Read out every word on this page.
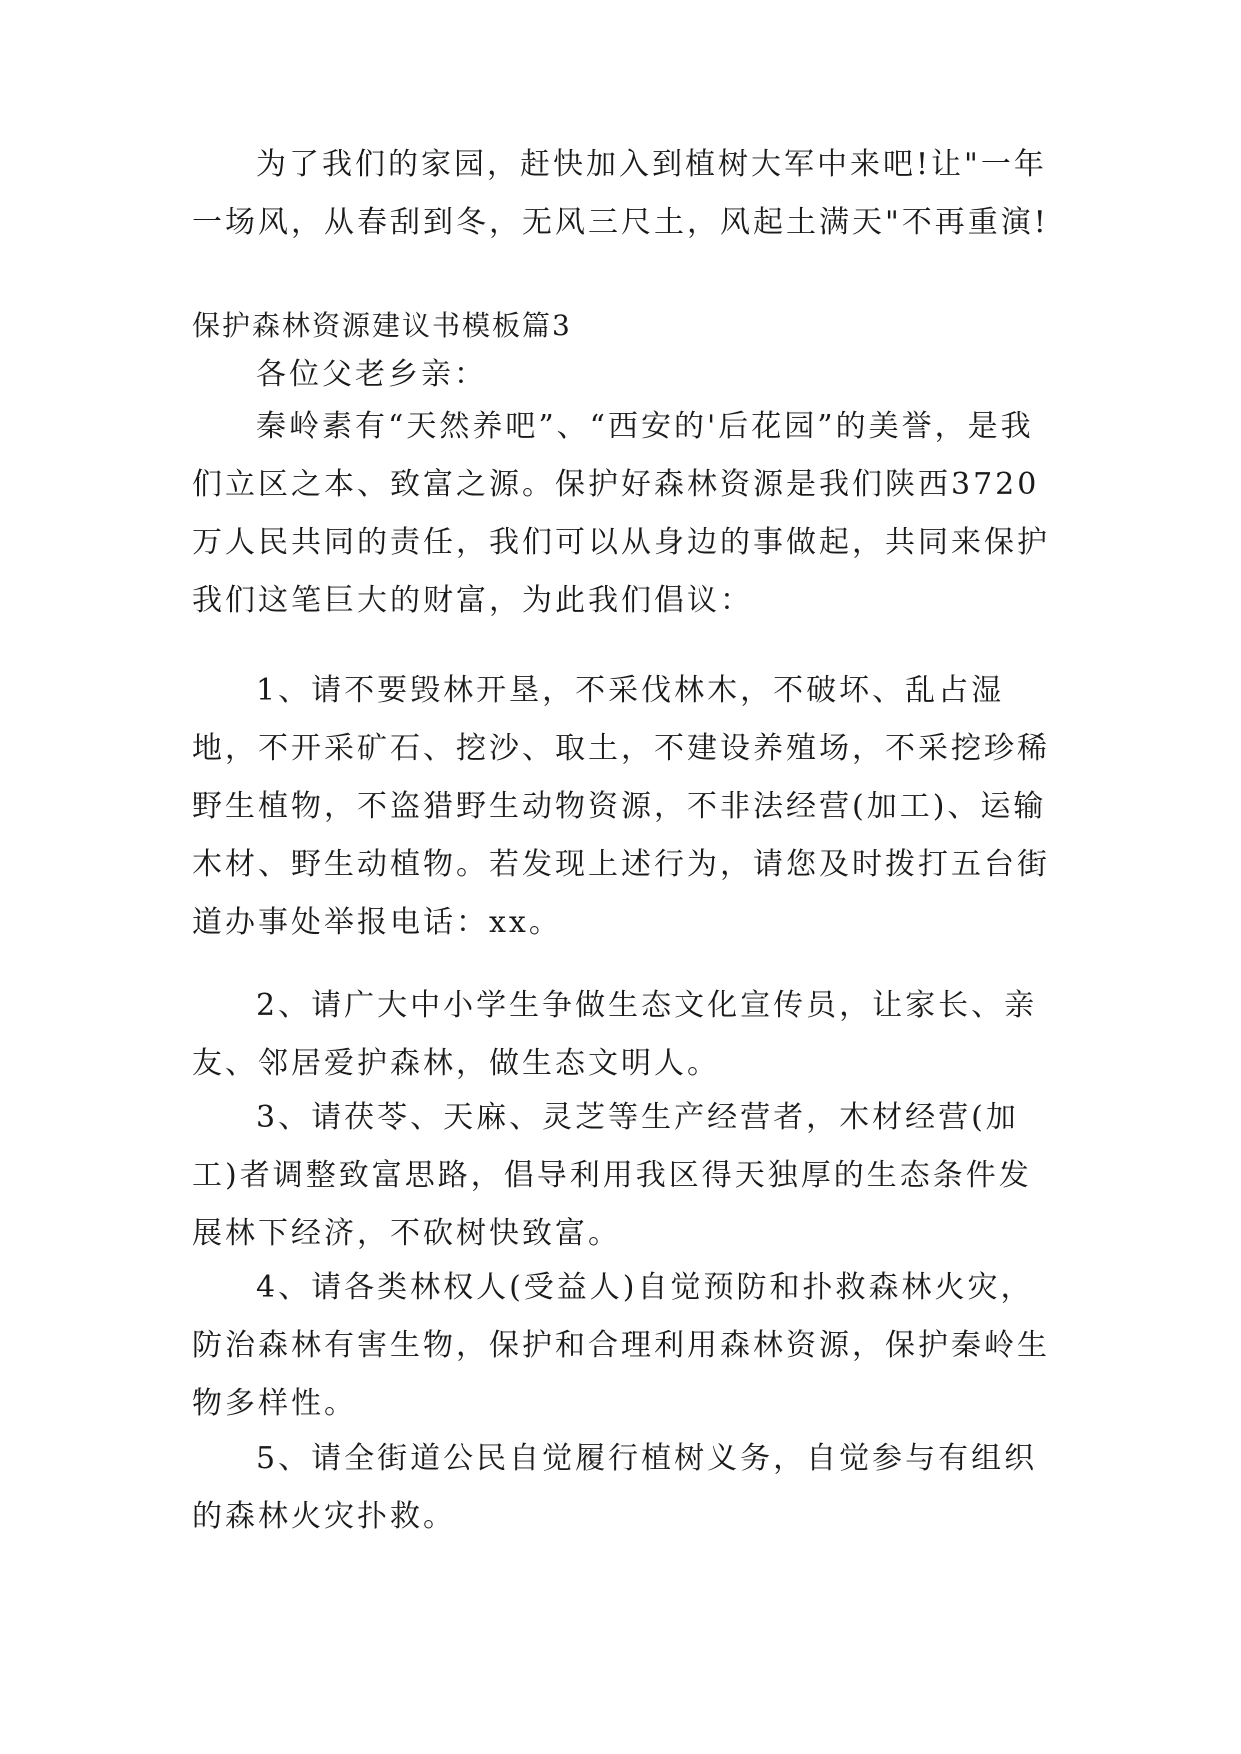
为了我们的家园，赶快加入到植树大军中来吧!让"一年一场风，从春刮到冬，无风三尺土，风起土满天"不再重演!

保护森林资源建议书模板篇3

各位父老乡亲：

秦岭素有“天然养吧”、“西安的'后花园”的美誉，是我们立区之本、致富之源。保护好森林资源是我们陕西3720万人民共同的责任，我们可以从身边的事做起，共同来保护我们这笔巨大的财富，为此我们倡议：

1、请不要毁林开垦，不采伐林木，不破坏、乱占湿地，不开采矿石、挖沙、取土，不建设养殖场，不采挖珍稀野生植物，不盗猎野生动物资源，不非法经营(加工)、运输木材、野生动植物。若发现上述行为，请您及时拨打五台街道办事处举报电话：xx。

2、请广大中小学生争做生态文化宣传员，让家长、亲友、邻居爱护森林，做生态文明人。

3、请茯苓、天麻、灵芝等生产经营者，木材经营(加工)者调整致富思路，倡导利用我区得天独厚的生态条件发展林下经济，不砍树快致富。

4、请各类林权人(受益人)自觉预防和扑救森林火灾，防治森林有害生物，保护和合理利用森林资源，保护秦岭生物多样性。

5、请全街道公民自觉履行植树义务，自觉参与有组织的森林火灾扑救。
